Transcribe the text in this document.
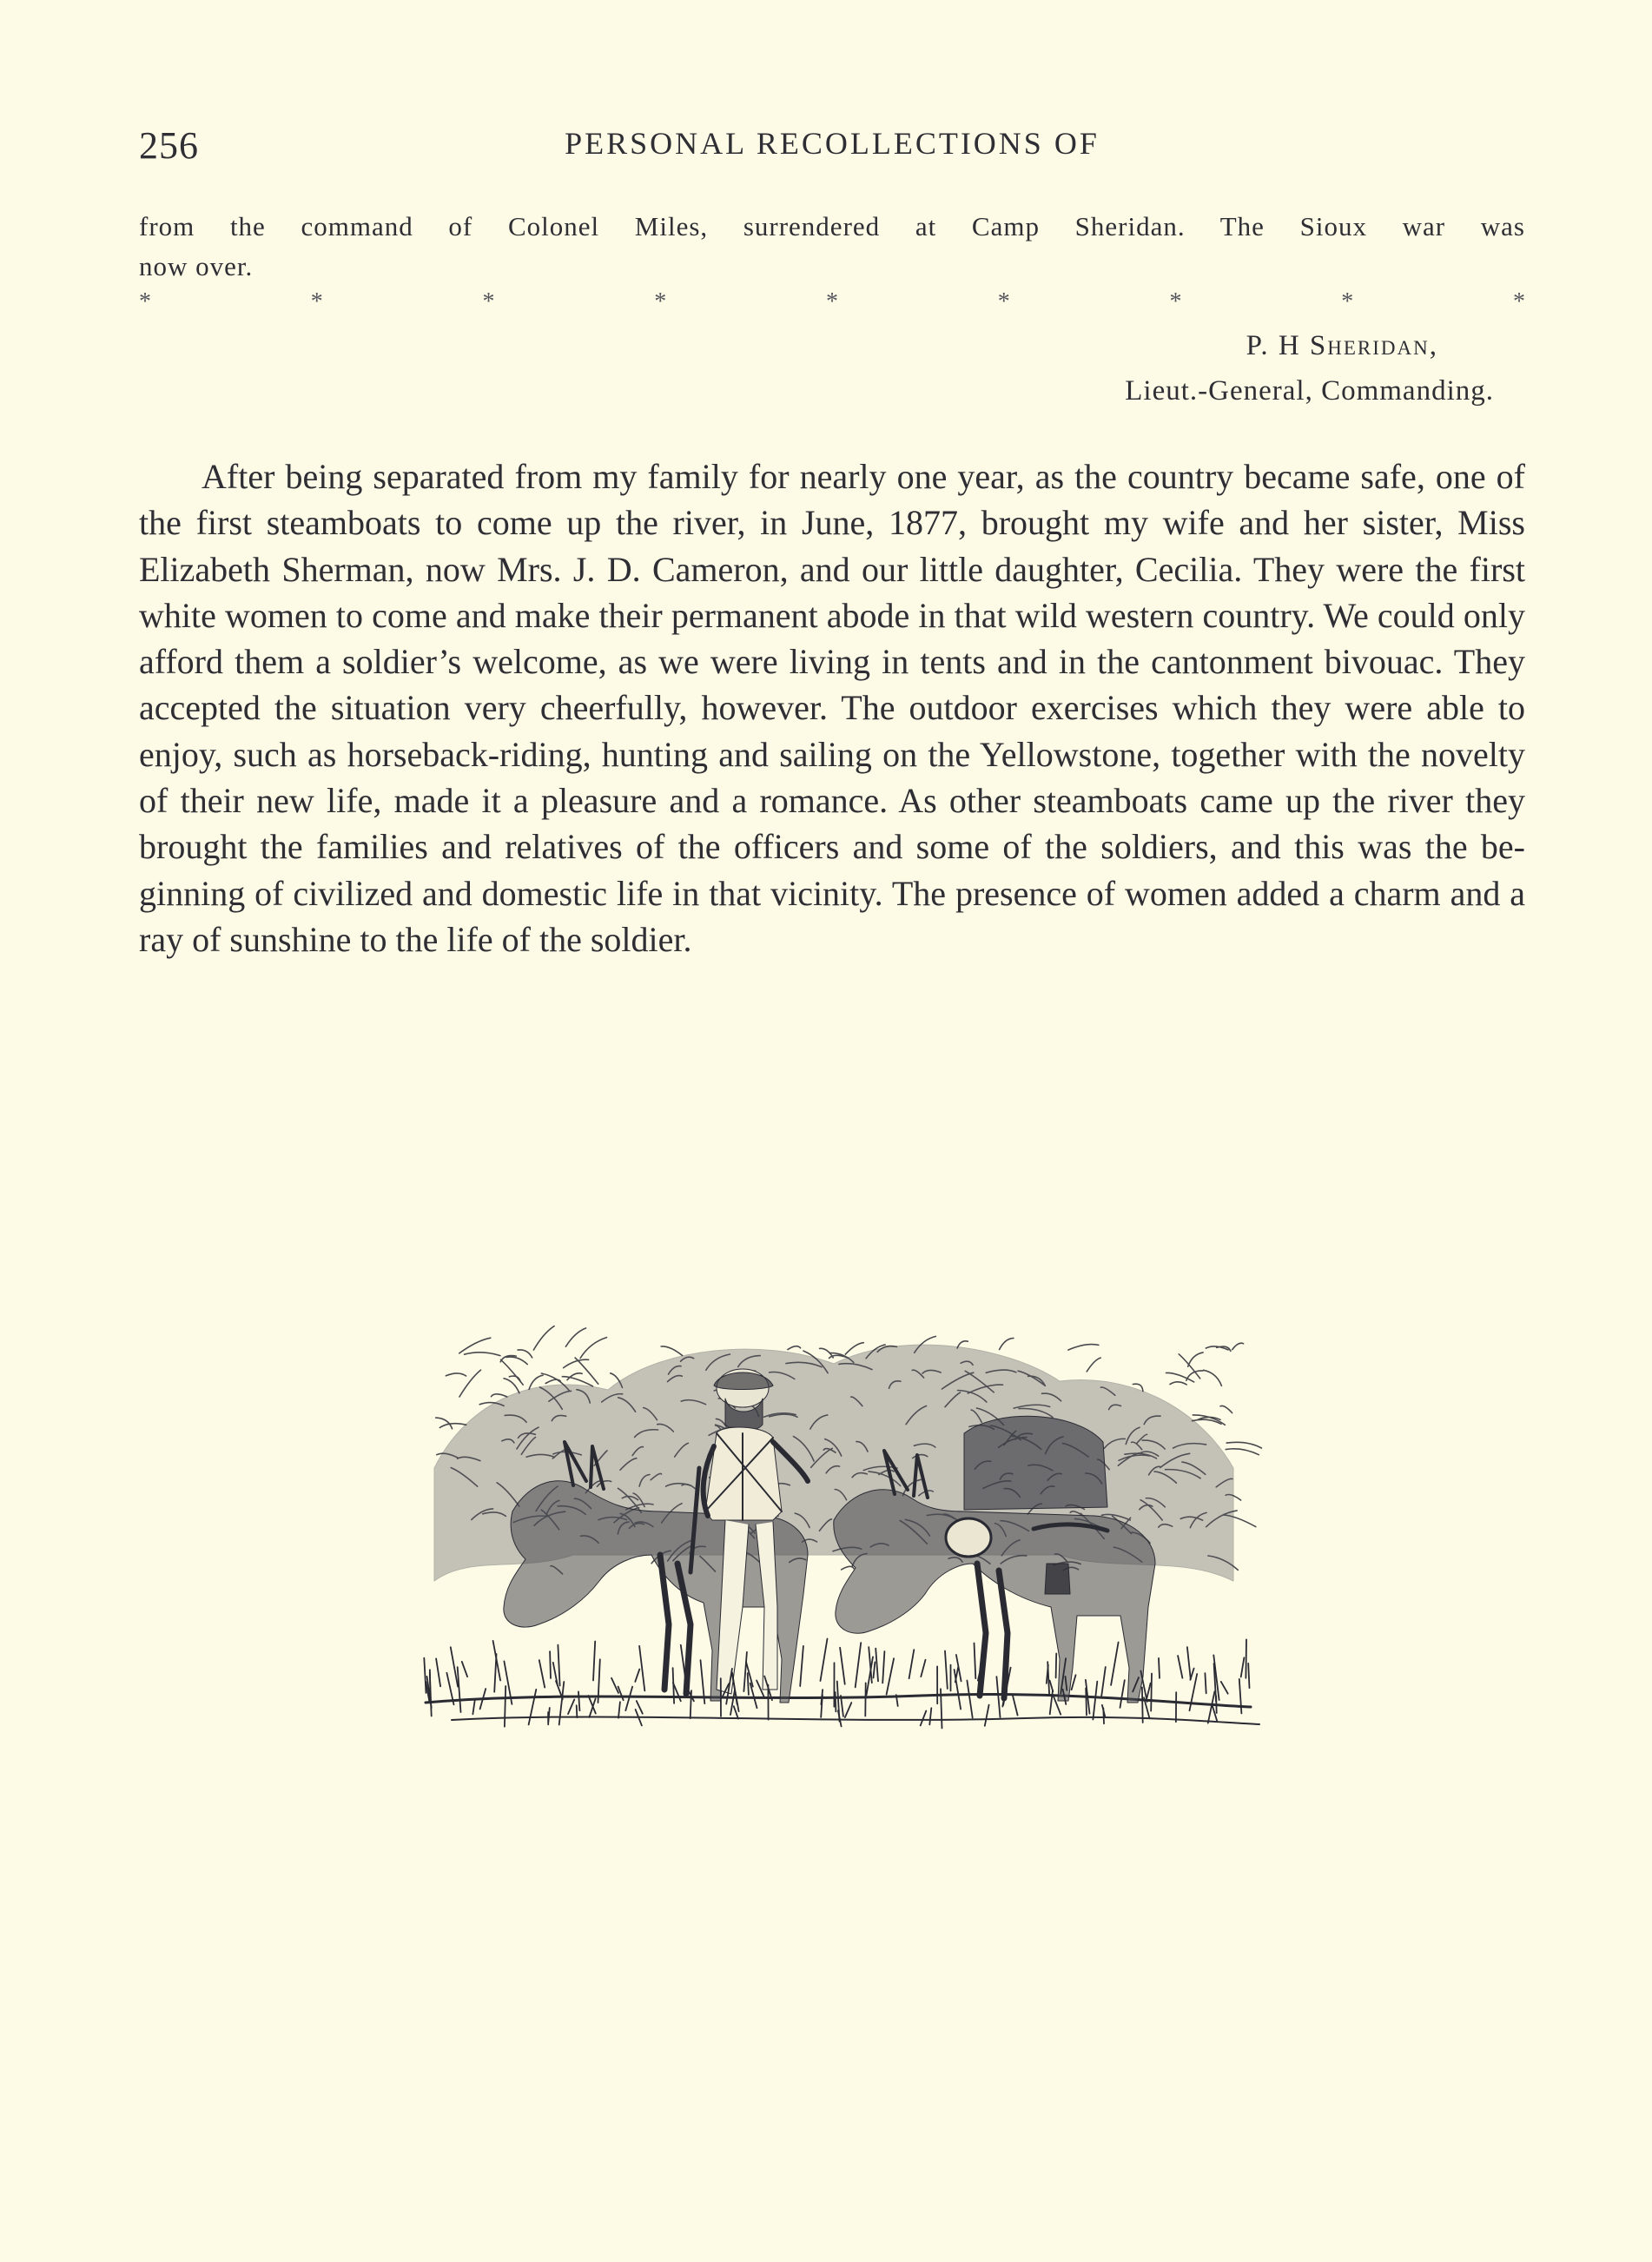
256	PERSONAL RECOLLECTIONS OF
from the command of Colonel Miles, surrendered at Camp Sheridan. The Sioux war was
now over.
*	*	*	*	*	*	*	*	*
P. H Sheridan,
Lieut.-General, Commanding.

After being separated from my family for nearly one year, as the country became safe, one of the first steamboats to come up the river, in June, 1877, brought my wife and her sister, Miss Elizabeth Sherman, now Mrs. J. D. Cameron, and our little daughter, Cecilia. They were the first white women to come and make their permanent abode in that wild western country. We could only afford them a soldier’s welcome, as we were living in tents and in the cantonment bivouac. They accepted the situation very cheerfully, however. The outdoor exercises which they were able to enjoy, such as horseback-riding, hunting and sailing on the Yellowstone, together with the novelty of their new life, made it a pleasure and a romance. As other steamboats came up the river they brought the families and relatives of the officers and some of the soldiers, and this was the beginning of civilized and domestic life in that vicinity. The presence of women added a charm and a ray of sunshine to the life of the soldier.
